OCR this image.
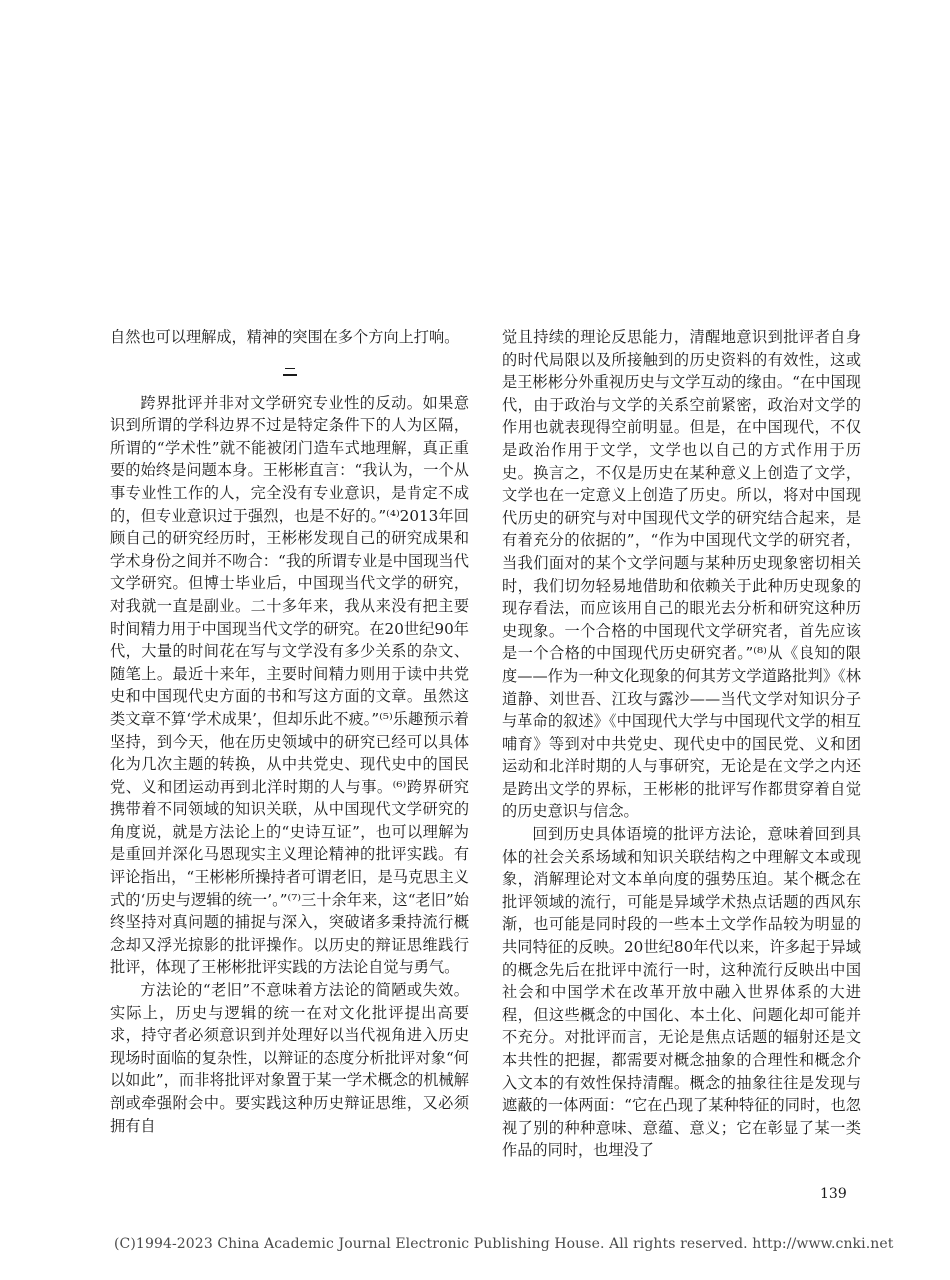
自然也可以理解成，精神的突围在多个方向上打响。

跨界批评并非对文学研究专业性的反动。如果意识到所谓的学科边界不过是特定条件下的人为区隔，所谓的“学术性”就不能被闭门造车式地理解，真正重要的始终是问题本身。王彬彬直言：“我认为，一个从事专业性工作的人，完全没有专业意识，是肯定不成的，但专业意识过于强烈，也是不好的。”⁽⁴⁾2013年回顾自己的研究经历时，王彬彬发现自己的研究成果和学术身份之间并不吻合：“我的所谓专业是中国现当代文学研究。但博士毕业后，中国现当代文学的研究，对我就一直是副业。二十多年来，我从来没有把主要时间精力用于中国现当代文学的研究。在20世纪90年代，大量的时间花在写与文学没有多少关系的杂文、随笔上。最近十来年，主要时间精力则用于读中共党史和中国现代史方面的书和写这方面的文章。虽然这类文章不算‘学术成果’，但却乐此不疲。”⁽⁵⁾乐趣预示着坚持，到今天，他在历史领域中的研究已经可以具体化为几次主题的转换，从中共党史、现代史中的国民党、义和团运动再到北洋时期的人与事。⁽⁶⁾跨界研究携带着不同领域的知识关联，从中国现代文学研究的角度说，就是方法论上的“史诗互证”，也可以理解为是重回并深化马恩现实主义理论精神的批评实践。有评论指出，“王彬彬所操持者可谓老旧，是马克思主义式的‘历史与逻辑的统一’。”⁽⁷⁾三十余年来，这“老旧”始终坚持对真问题的捕捉与深入，突破诸多秉持流行概念却又浮光掠影的批评操作。以历史的辩证思维践行批评，体现了王彬彬批评实践的方法论自觉与勇气。

方法论的“老旧”不意味着方法论的简陋或失效。实际上，历史与逻辑的统一在对文化批评提出高要求，持守者必须意识到并处理好以当代视角进入历史现场时面临的复杂性，以辩证的态度分析批评对象“何以如此”，而非将批评对象置于某一学术概念的机械解剖或牵强附会中。要实践这种历史辩证思维，又必须拥有自

觉且持续的理论反思能力，清醒地意识到批评者自身的时代局限以及所接触到的历史资料的有效性，这或是王彬彬分外重视历史与文学互动的缘由。“在中国现代，由于政治与文学的关系空前紧密，政治对文学的作用也就表现得空前明显。但是，在中国现代，不仅是政治作用于文学，文学也以自己的方式作用于历史。换言之，不仅是历史在某种意义上创造了文学，文学也在一定意义上创造了历史。所以，将对中国现代历史的研究与对中国现代文学的研究结合起来，是有着充分的依据的”，“作为中国现代文学的研究者，当我们面对的某个文学问题与某种历史现象密切相关时，我们切勿轻易地借助和依赖关于此种历史现象的现存看法，而应该用自己的眼光去分析和研究这种历史现象。一个合格的中国现代文学研究者，首先应该是一个合格的中国现代历史研究者。”⁽⁸⁾从《良知的限度——作为一种文化现象的何其芳文学道路批判》《林道静、刘世吾、江玫与露沙——当代文学对知识分子与革命的叙述》《中国现代大学与中国现代文学的相互哺育》等到对中共党史、现代史中的国民党、义和团运动和北洋时期的人与事研究，无论是在文学之内还是跨出文学的界标，王彬彬的批评写作都贯穿着自觉的历史意识与信念。

回到历史具体语境的批评方法论，意味着回到具体的社会关系场域和知识关联结构之中理解文本或现象，消解理论对文本单向度的强势压迫。某个概念在批评领域的流行，可能是异域学术热点话题的西风东渐，也可能是同时段的一些本土文学作品较为明显的共同特征的反映。20世纪80年代以来，许多起于异域的概念先后在批评中流行一时，这种流行反映出中国社会和中国学术在改革开放中融入世界体系的大进程，但这些概念的中国化、本土化、问题化却可能并不充分。对批评而言，无论是焦点话题的辐射还是文本共性的把握，都需要对概念抽象的合理性和概念介入文本的有效性保持清醒。概念的抽象往往是发现与遮蔽的一体两面：“它在凸现了某种特征的同时，也忽视了别的种种意味、意蕴、意义；它在彰显了某一类作品的同时，也埋没了

139
(C)1994-2023 China Academic Journal Electronic Publishing House. All rights reserved. http://www.cnki.net
